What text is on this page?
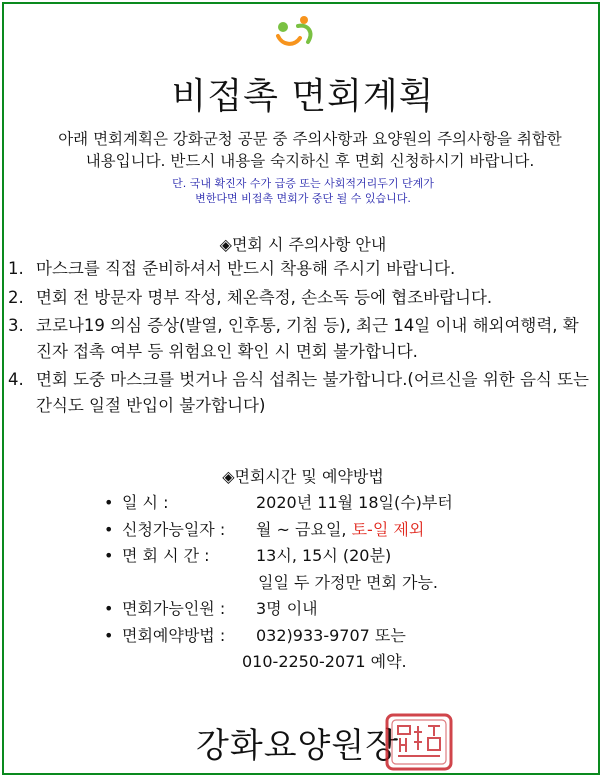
비접촉 면회계획
아래 면회계획은 강화군청 공문 중 주의사항과 요양원의 주의사항을 취합한
내용입니다. 반드시 내용을 숙지하신 후 면회 신청하시기 바랍니다.
단. 국내 확진자 수가 급증 또는 사회적거리두기 단계가
변한다면 비접촉 면회가 중단 될 수 있습니다.
◈면회 시 주의사항 안내
1. 마스크를 직접 준비하셔서 반드시 착용해 주시기 바랍니다.
2. 면회 전 방문자 명부 작성, 체온측정, 손소독 등에 협조바랍니다.
3. 코로나19 의심 증상(발열, 인후통, 기침 등), 최근 14일 이내 해외여행력, 확진자 접촉 여부 등 위험요인 확인 시 면회 불가합니다.
4. 면회 도중 마스크를 벗거나 음식 섭취는 불가합니다.(어르신을 위한 음식 또는 간식도 일절 반입이 불가합니다)
◈면회시간 및 예약방법
• 일 시 :	2020년 11월 18일(수)부터
• 신청가능일자 : 월 ~ 금요일, 토-일 제외
• 면 회 시 간 :	13시, 15시 (20분)
일일 두 가정만 면회 가능.
• 면회가능인원 : 3명 이내
• 면회예약방법 : 032)933-9707 또는
010-2250-2071 예약.
강화요양원장
